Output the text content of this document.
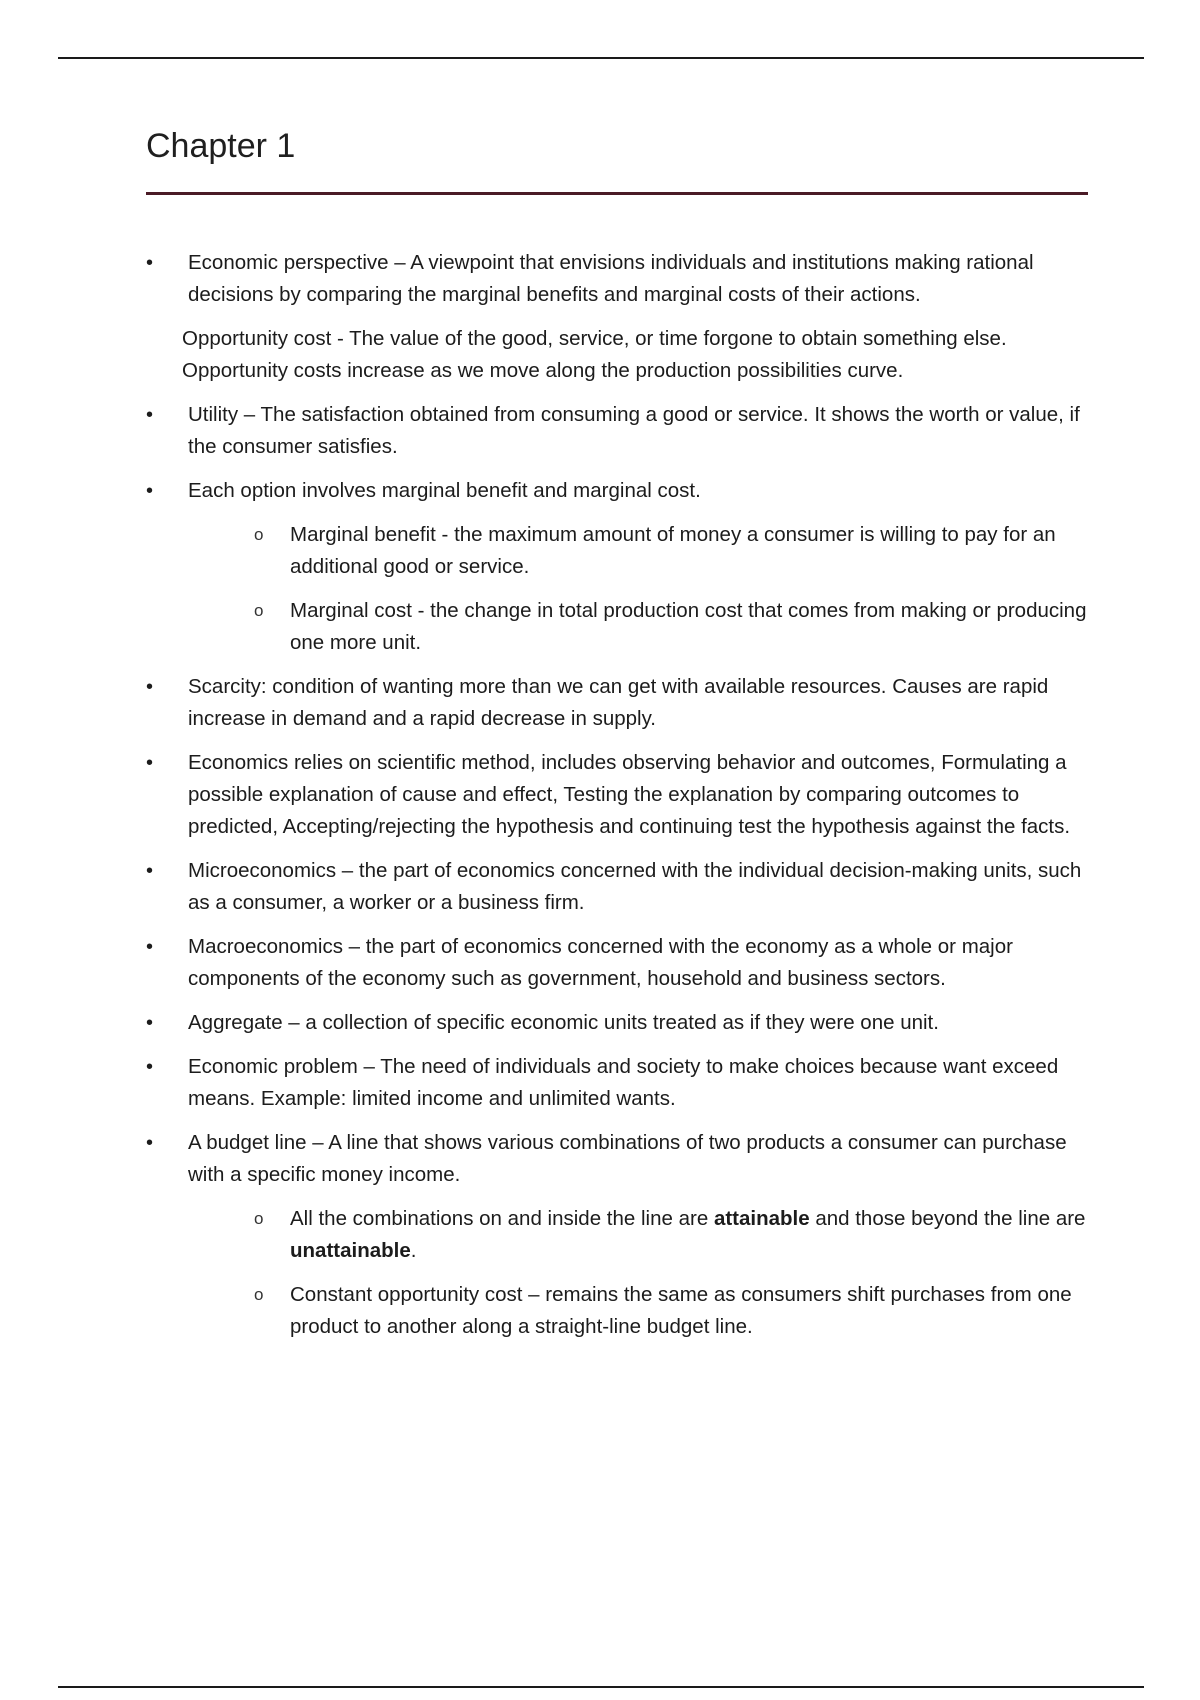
Chapter 1
• Economic perspective – A viewpoint that envisions individuals and institutions making rational decisions by comparing the marginal benefits and marginal costs of their actions.
Opportunity cost - The value of the good, service, or time forgone to obtain something else. Opportunity costs increase as we move along the production possibilities curve.
• Utility – The satisfaction obtained from consuming a good or service. It shows the worth or value, if the consumer satisfies.
• Each option involves marginal benefit and marginal cost.
o Marginal benefit - the maximum amount of money a consumer is willing to pay for an additional good or service.
o Marginal cost - the change in total production cost that comes from making or producing one more unit.
• Scarcity: condition of wanting more than we can get with available resources. Causes are rapid increase in demand and a rapid decrease in supply.
• Economics relies on scientific method, includes observing behavior and outcomes, Formulating a possible explanation of cause and effect, Testing the explanation by comparing outcomes to predicted, Accepting/rejecting the hypothesis and continuing test the hypothesis against the facts.
• Microeconomics – the part of economics concerned with the individual decision-making units, such as a consumer, a worker or a business firm.
• Macroeconomics – the part of economics concerned with the economy as a whole or major components of the economy such as government, household and business sectors.
• Aggregate – a collection of specific economic units treated as if they were one unit.
• Economic problem – The need of individuals and society to make choices because want exceed means. Example: limited income and unlimited wants.
• A budget line – A line that shows various combinations of two products a consumer can purchase with a specific money income.
o All the combinations on and inside the line are attainable and those beyond the line are unattainable.
o Constant opportunity cost – remains the same as consumers shift purchases from one product to another along a straight-line budget line.
